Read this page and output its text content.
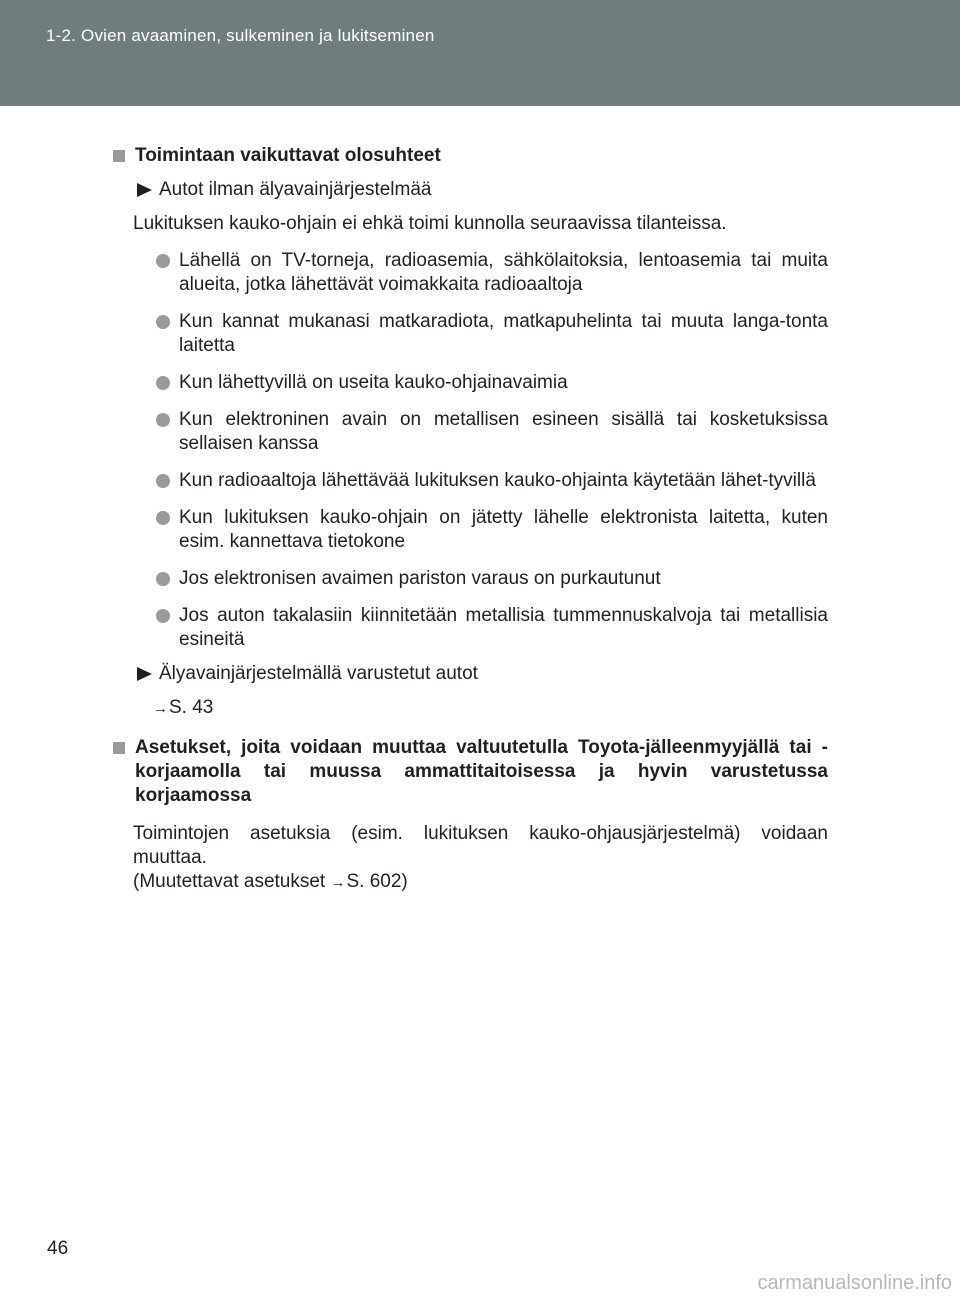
1-2. Ovien avaaminen, sulkeminen ja lukitseminen
Toimintaan vaikuttavat olosuhteet
Autot ilman älyavainjärjestelmää
Lukituksen kauko-ohjain ei ehkä toimi kunnolla seuraavissa tilanteissa.
Lähellä on TV-torneja, radioasemia, sähkölaitoksia, lentoasemia tai muita alueita, jotka lähettävät voimakkaita radioaaltoja
Kun kannat mukanasi matkaradiota, matkapuhelinta tai muuta langa-tonta laitetta
Kun lähettyvillä on useita kauko-ohjainavaimia
Kun elektroninen avain on metallisen esineen sisällä tai kosketuksissa sellaisen kanssa
Kun radioaaltoja lähettävää lukituksen kauko-ohjainta käytetään lähet-tyvillä
Kun lukituksen kauko-ohjain on jätetty lähelle elektronista laitetta, kuten esim. kannettava tietokone
Jos elektronisen avaimen pariston varaus on purkautunut
Jos auton takalasiin kiinnitetään metallisia tummennuskalvoja tai metallisia esineitä
Älyavainjärjestelmällä varustetut autot
→S. 43
Asetukset, joita voidaan muuttaa valtuutetulla Toyota-jälleenmyyjällä tai -korjaamolla tai muussa ammattitaitoisessa ja hyvin varustetussa korjaamossa
Toimintojen asetuksia (esim. lukituksen kauko-ohjausjärjestelmä) voidaan muuttaa.
(Muutettavat asetukset →S. 602)
46
carmanualsonline.info
